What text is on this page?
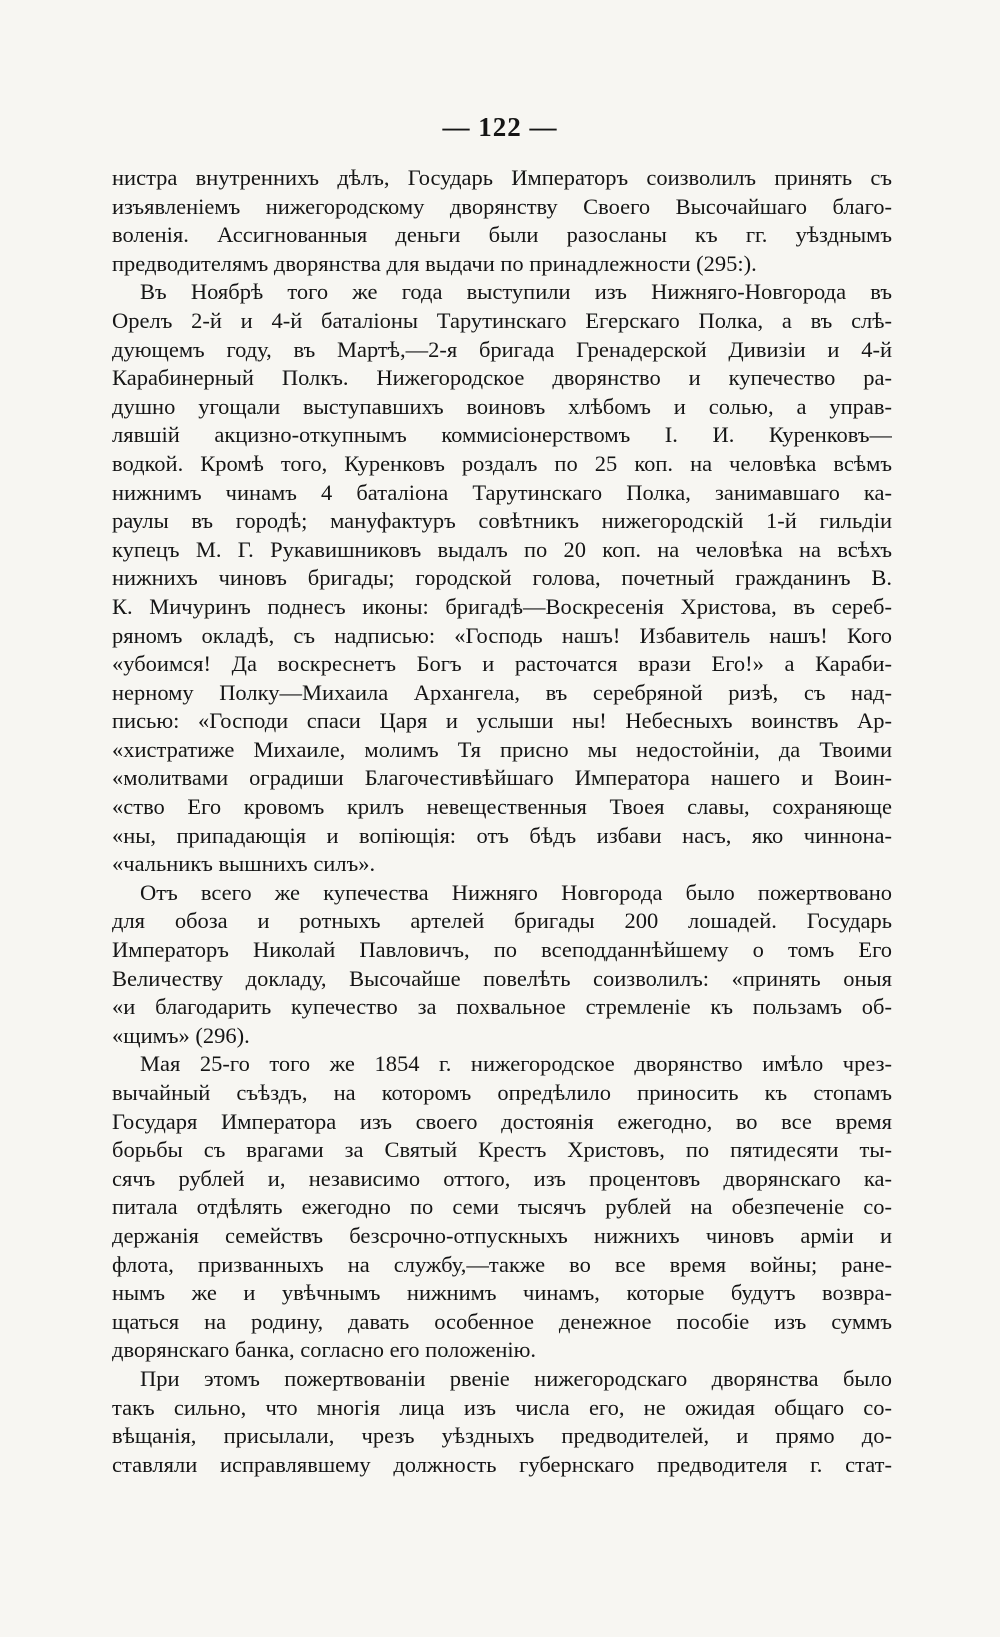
— 122 —
нистра внутреннихъ дѣлъ, Государь Императоръ соизволилъ принять съ
изъявленіемъ нижегородскому дворянству Своего Высочайшаго благо-
воленія. Ассигнованныя деньги были разосланы къ гг. уѣзднымъ
предводителямъ дворянства для выдачи по принадлежности (295:).
Въ Ноябрѣ того же года выступили изъ Нижняго-Новгорода въ
Орелъ 2-й и 4-й баталіоны Тарутинскаго Егерскаго Полка, а въ слѣ-
дующемъ году, въ Мартѣ,—2-я бригада Гренадерской Дивизіи и 4-й
Карабинерный Полкъ. Нижегородское дворянство и купечество ра-
душно угощали выступавшихъ воиновъ хлѣбомъ и солью, а управ-
лявшій акцизно-откупнымъ коммисіонерствомъ І. И. Куренковъ—
водкой. Кромѣ того, Куренковъ роздалъ по 25 коп. на человѣка всѣмъ
нижнимъ чинамъ 4 баталіона Тарутинскаго Полка, занимавшаго ка-
раулы въ городѣ; мануфактуръ совѣтникъ нижегородскій 1-й гильдіи
купецъ М. Г. Рукавишниковъ выдалъ по 20 коп. на человѣка на всѣхъ
нижнихъ чиновъ бригады; городской голова, почетный гражданинъ В.
К. Мичуринъ поднесъ иконы: бригадѣ—Воскресенія Христова, въ сереб-
ряномъ окладѣ, съ надписью: «Господь нашъ! Избавитель нашъ! Кого
«убоимся! Да воскреснетъ Богъ и расточатся врази Его!» а Караби-
нерному Полку—Михаила Архангела, въ серебряной ризѣ, съ над-
писью: «Господи спаси Царя и услыши ны! Небесныхъ воинствъ Ар-
«хистратиже Михаиле, молимъ Тя присно мы недостойніи, да Твоими
«молитвами оградиши Благочестивѣйшаго Императора нашего и Воин-
«ство Его кровомъ крилъ невещественныя Твоея славы, сохраняюще
«ны, припадающія и вопіющія: отъ бѣдъ избави насъ, яко чиннона-
«чальникъ вышнихъ силъ».
Отъ всего же купечества Нижняго Новгорода было пожертвовано
для обоза и ротныхъ артелей бригады 200 лошадей. Государь
Императоръ Николай Павловичъ, по всеподданнѣйшему о томъ Его
Величеству докладу, Высочайше повелѣть соизволилъ: «принять оныя
«и благодарить купечество за похвальное стремленіе къ пользамъ об-
«щимъ» (296).
Мая 25-го того же 1854 г. нижегородское дворянство имѣло чрез-
вычайный съѣздъ, на которомъ опредѣлило приносить къ стопамъ
Государя Императора изъ своего достоянія ежегодно, во все время
борьбы съ врагами за Святый Крестъ Христовъ, по пятидесяти ты-
сячъ рублей и, независимо оттого, изъ процентовъ дворянскаго ка-
питала отдѣлять ежегодно по семи тысячъ рублей на обезпеченіе со-
держанія семействъ безсрочно-отпускныхъ нижнихъ чиновъ арміи и
флота, призванныхъ на службу,—также во все время войны; ране-
нымъ же и увѣчнымъ нижнимъ чинамъ, которые будутъ возвра-
щаться на родину, давать особенное денежное пособіе изъ суммъ
дворянскаго банка, согласно его положенію.
При этомъ пожертвованіи рвеніе нижегородскаго дворянства было
такъ сильно, что многія лица изъ числа его, не ожидая общаго со-
вѣщанія, присылали, чрезъ уѣздныхъ предводителей, и прямо до-
ставляли исправлявшему должность губернскаго предводителя г. стат-
